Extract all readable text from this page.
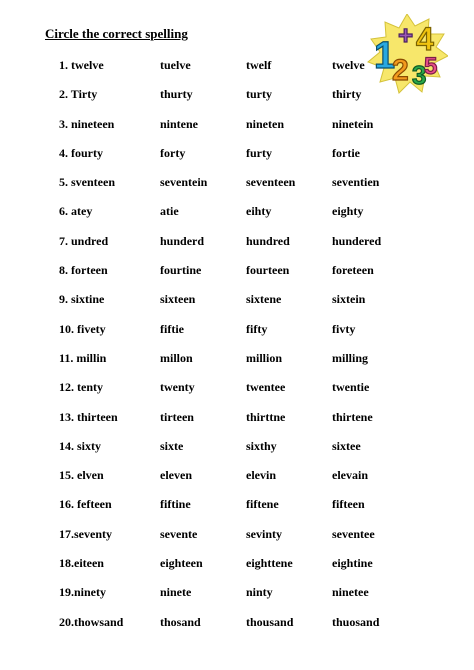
Circle the correct spelling
1
2 3
4
5
+
1. twelve	tuelve	twelf	twelve
2. Tirty	thurty	turty	thirty
3. nineteen	nintene	nineten	ninetein
4. fourty	forty	furty	fortie
5. sventeen	seventein	seventeen	seventien
6. atey	atie	eihty	eighty
7. undred	hunderd	hundred	hundered
8. forteen	fourtine	fourteen	foreteen
9. sixtine	sixteen	sixtene	sixtein
10. fivety	fiftie	fifty	fivty
11. millin	millon	million	milling
12. tenty	twenty	twentee	twentie
13. thirteen	tirteen	thirttne	thirtene
14. sixty	sixte	sixthy	sixtee
15. elven	eleven	elevin	elevain
16. fefteen	fiftine	fiftene	fifteen
17.seventy	sevente	sevinty	seventee
18.eiteen	eighteen	eighttene	eightine
19.ninety	ninete	ninty	ninetee
20.thowsand	thosand	thousand	thuosand
